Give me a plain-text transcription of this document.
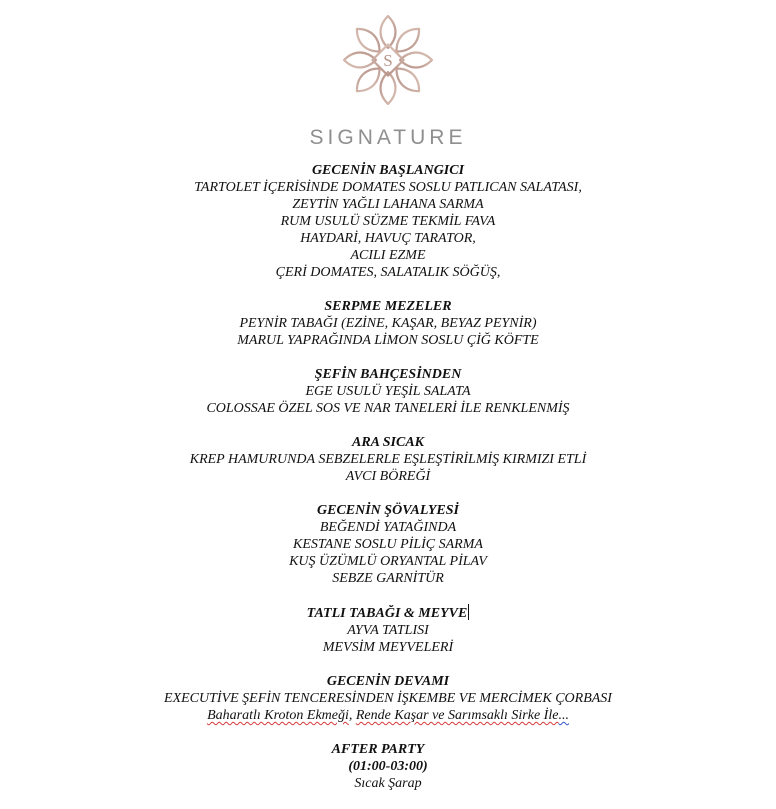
S
SIGNATURE
GECENİN BAŞLANGICI
TARTOLET İÇERİSİNDE DOMATES SOSLU PATLICAN SALATASI,
ZEYTİN YAĞLI LAHANA SARMA
RUM USULÜ SÜZME TEKMİL FAVA
HAYDARİ, HAVUÇ TARATOR,
ACILI EZME
ÇERİ DOMATES, SALATALIK SÖĞÜŞ,
SERPME MEZELER
PEYNİR TABAĞI (EZİNE, KAŞAR, BEYAZ PEYNİR)
MARUL YAPRAĞINDA LİMON SOSLU ÇİĞ KÖFTE
ŞEFİN BAHÇESİNDEN
EGE USULÜ YEŞİL SALATA
COLOSSAE ÖZEL SOS VE NAR TANELERİ İLE RENKLENMİŞ
ARA SICAK
KREP HAMURUNDA SEBZELERLE EŞLEŞTİRİLMİŞ KIRMIZI ETLİ
AVCI BÖREĞİ
GECENİN ŞÖVALYESİ
BEĞENDİ YATAĞINDA
KESTANE SOSLU PİLİÇ SARMA
KUŞ ÜZÜMLÜ ORYANTAL PİLAV
SEBZE GARNİTÜR
TATLI TABAĞI & MEYVE
AYVA TATLISI
MEVSİM MEYVELERİ
GECENİN DEVAMI
EXECUTİVE ŞEFİN TENCERESİNDEN İŞKEMBE VE MERCİMEK ÇORBASI
Baharatlı Kroton Ekmeği, Rende Kaşar ve Sarımsaklı Sirke İle...
AFTER PARTY
(01:00-03:00)
Sıcak Şarap
